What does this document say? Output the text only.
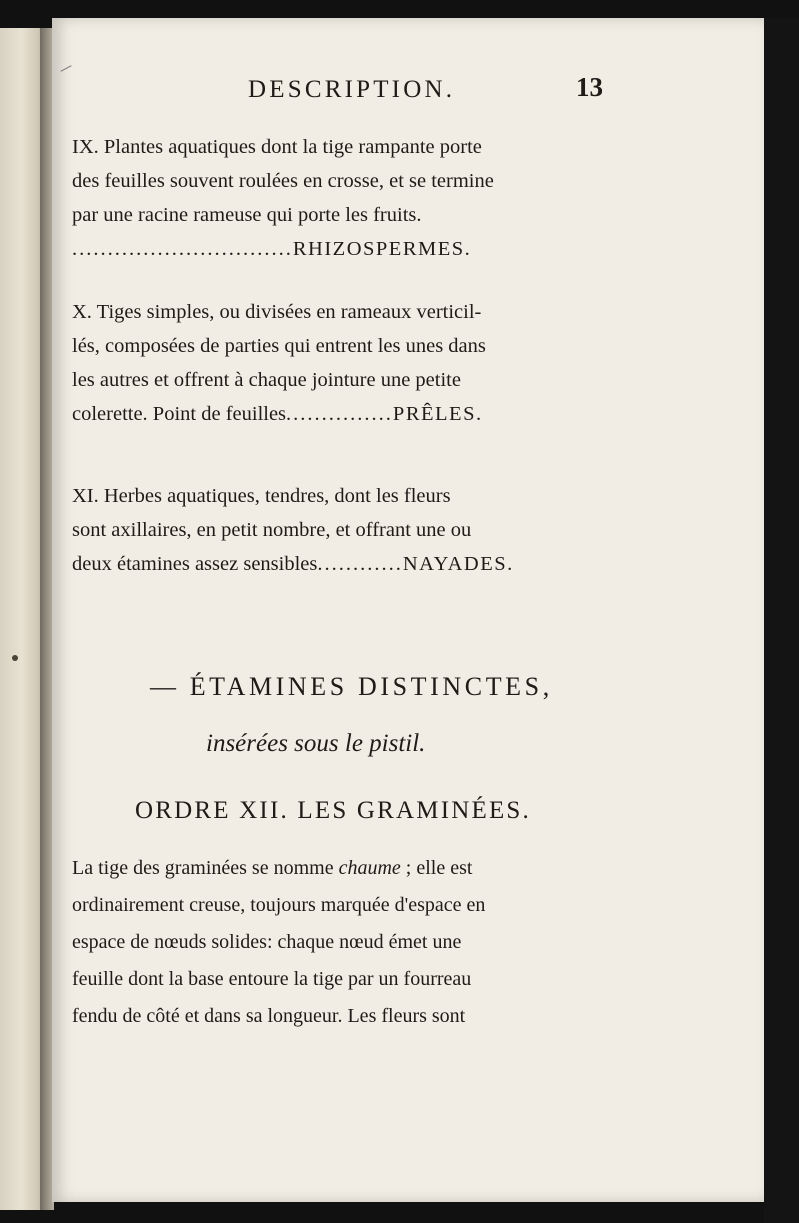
DESCRIPTION.	13
IX. Plantes aquatiques dont la tige rampante porte
des feuilles souvent roulées en crosse, et se termine
par une racine rameuse qui porte les fruits.
...............................RHIZOSPERMES.
X. Tiges simples, ou divisées en rameaux verticil-
lés, composées de parties qui entrent les unes dans
les autres et offrent à chaque jointure une petite
colerette. Point de feuilles...............PRÊLES.
XI. Herbes aquatiques, tendres, dont les fleurs
sont axillaires, en petit nombre, et offrant une ou
deux étamines assez sensibles............NAYADES.
— ÉTAMINES DISTINCTES,
insérées sous le pistil.
ORDRE XII. LES GRAMINÉES.
La tige des graminées se nomme chaume ; elle est
ordinairement creuse, toujours marquée d'espace en
espace de nœuds solides: chaque nœud émet une
feuille dont la base entoure la tige par un fourreau
fendu de côté et dans sa longueur. Les fleurs sont
